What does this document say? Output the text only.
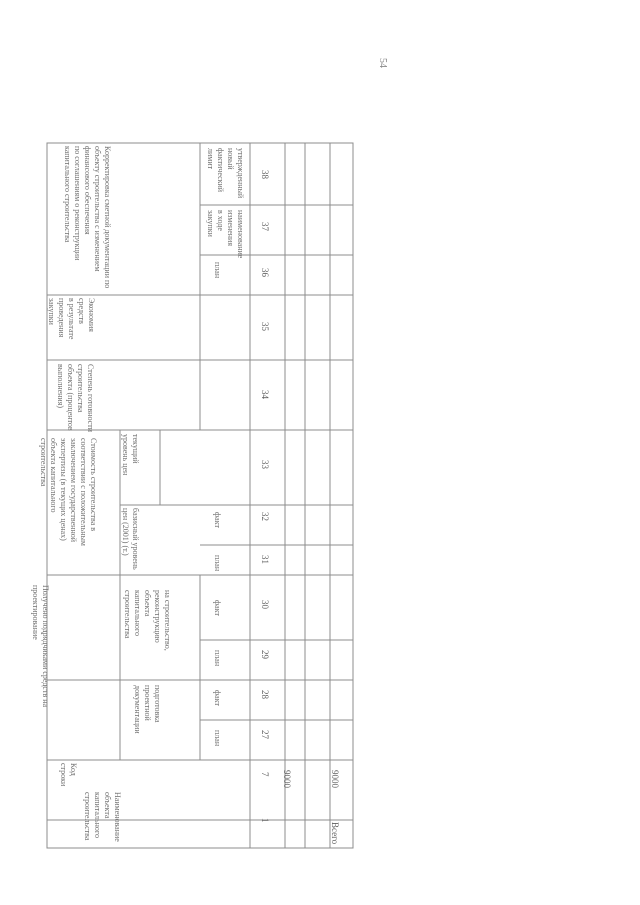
54
Наименование
объекта
капитального
строительства
Код
строки
Получено подрядчиками средств на проектирование
подготовка проектной
документации
на строительство,
реконструкцию
объекта
капитального
строительства
Стоимость строительства в
соответствии с положительным
заключением государственной
экспертизы (в текущих ценах)
объекта капитального
строительства
базисный уровень
цен (2001) (т.)
текущий
уровень цен
Степень готовности
строительства
объекта (процентов
выполнения)
Экономия
средств
в результате
проведения
закупки
Корректировка сметной документации по
объекту строительства с изменением
финансового обеспечения
по соглашениям о реконструкции
капитального строительства
план
факт
план
факт
план
факт
план
наименование
изменения
в ходе
закупки
утвержденный
новый
фактический
лимит
1
7
27
28
29
30
31
32
33
34
35
36
37
38
9000
Всего
9000
